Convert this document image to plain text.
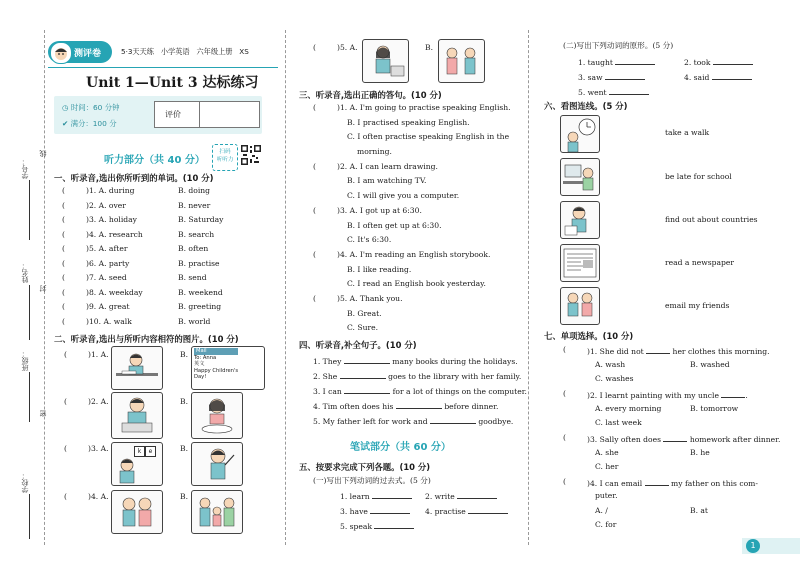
学号：
线
姓名：
封
班级：
密
学校：
测评卷	5·3天天练 小学英语 六年级上册 XS
Unit 1—Unit 3 达标练习
◷ 时间：60 分钟
✔ 满分：100 分
评价
听力部分（共 40 分）
扫码
听听力
一、听录音,选出你所听到的单词。(10 分)
(	)1. A. during	B. doing
(	)2. A. over	B. never
(	)3. A. holiday	B. Saturday
(	)4. A. research	B. search
(	)5. A. after	B. often
(	)6. A. party	B. practise
(	)7. A. seed	B. send
(	)8. A. weekday	B. weekend
(	)9. A. great	B. greeting
(	)10. A. walk	B. world
二、听录音,选出与所听内容相符的图片。(10 分)
(	)1. A.	B.	Mail
To: Anna
英文
Happy Children's
Day!
(	)2. A.	B.
(	)3. A.	B.
k	e
(	)4. A.	B.
(	)5. A.	B.
三、听录音,选出正确的答句。(10 分)
(	)1. A. I'm going to practise speaking English.
B. I practised speaking English.
C. I often practise speaking English in the
morning.
(	)2. A. I can learn drawing.
B. I am watching TV.
C. I will give you a computer.
(	)3. A. I got up at 6:30.
B. I often get up at 6:30.
C. It's 6:30.
(	)4. A. I'm reading an English storybook.
B. I like reading.
C. I read an English book yesterday.
(	)5. A. Thank you.
B. Great.
C. Sure.
四、听录音,补全句子。(10 分)
1. They	many books during the holidays.
2. She	goes to the library with her family.
3. I can	for a lot of things on the computer.
4. Tim often does his	before dinner.
5. My father left for work and	goodbye.
笔试部分（共 60 分）
五、按要求完成下列各题。(10 分)
(一)写出下列动词的过去式。(5 分)
1. learn	2. write
3. have	4. practise
5. speak
(二)写出下列动词的原形。(5 分)
1. taught	2. took
3. saw	4. said
5. went
六、看图连线。(5 分)
take a walk
be late for school
find out about countries
read a newspaper
email my friends
七、单项选择。(10 分)
(	)1. She did not	her clothes this morning.
A. wash	B. washed
C. washes
(	)2. I learnt painting with my uncle	.
A. every morning	B. tomorrow
C. last week
(	)3. Sally often does	homework after dinner.
A. she	B. he
C. her
(	)4. I can email	my father on this com-
puter.
A. /	B. at
C. for
1
